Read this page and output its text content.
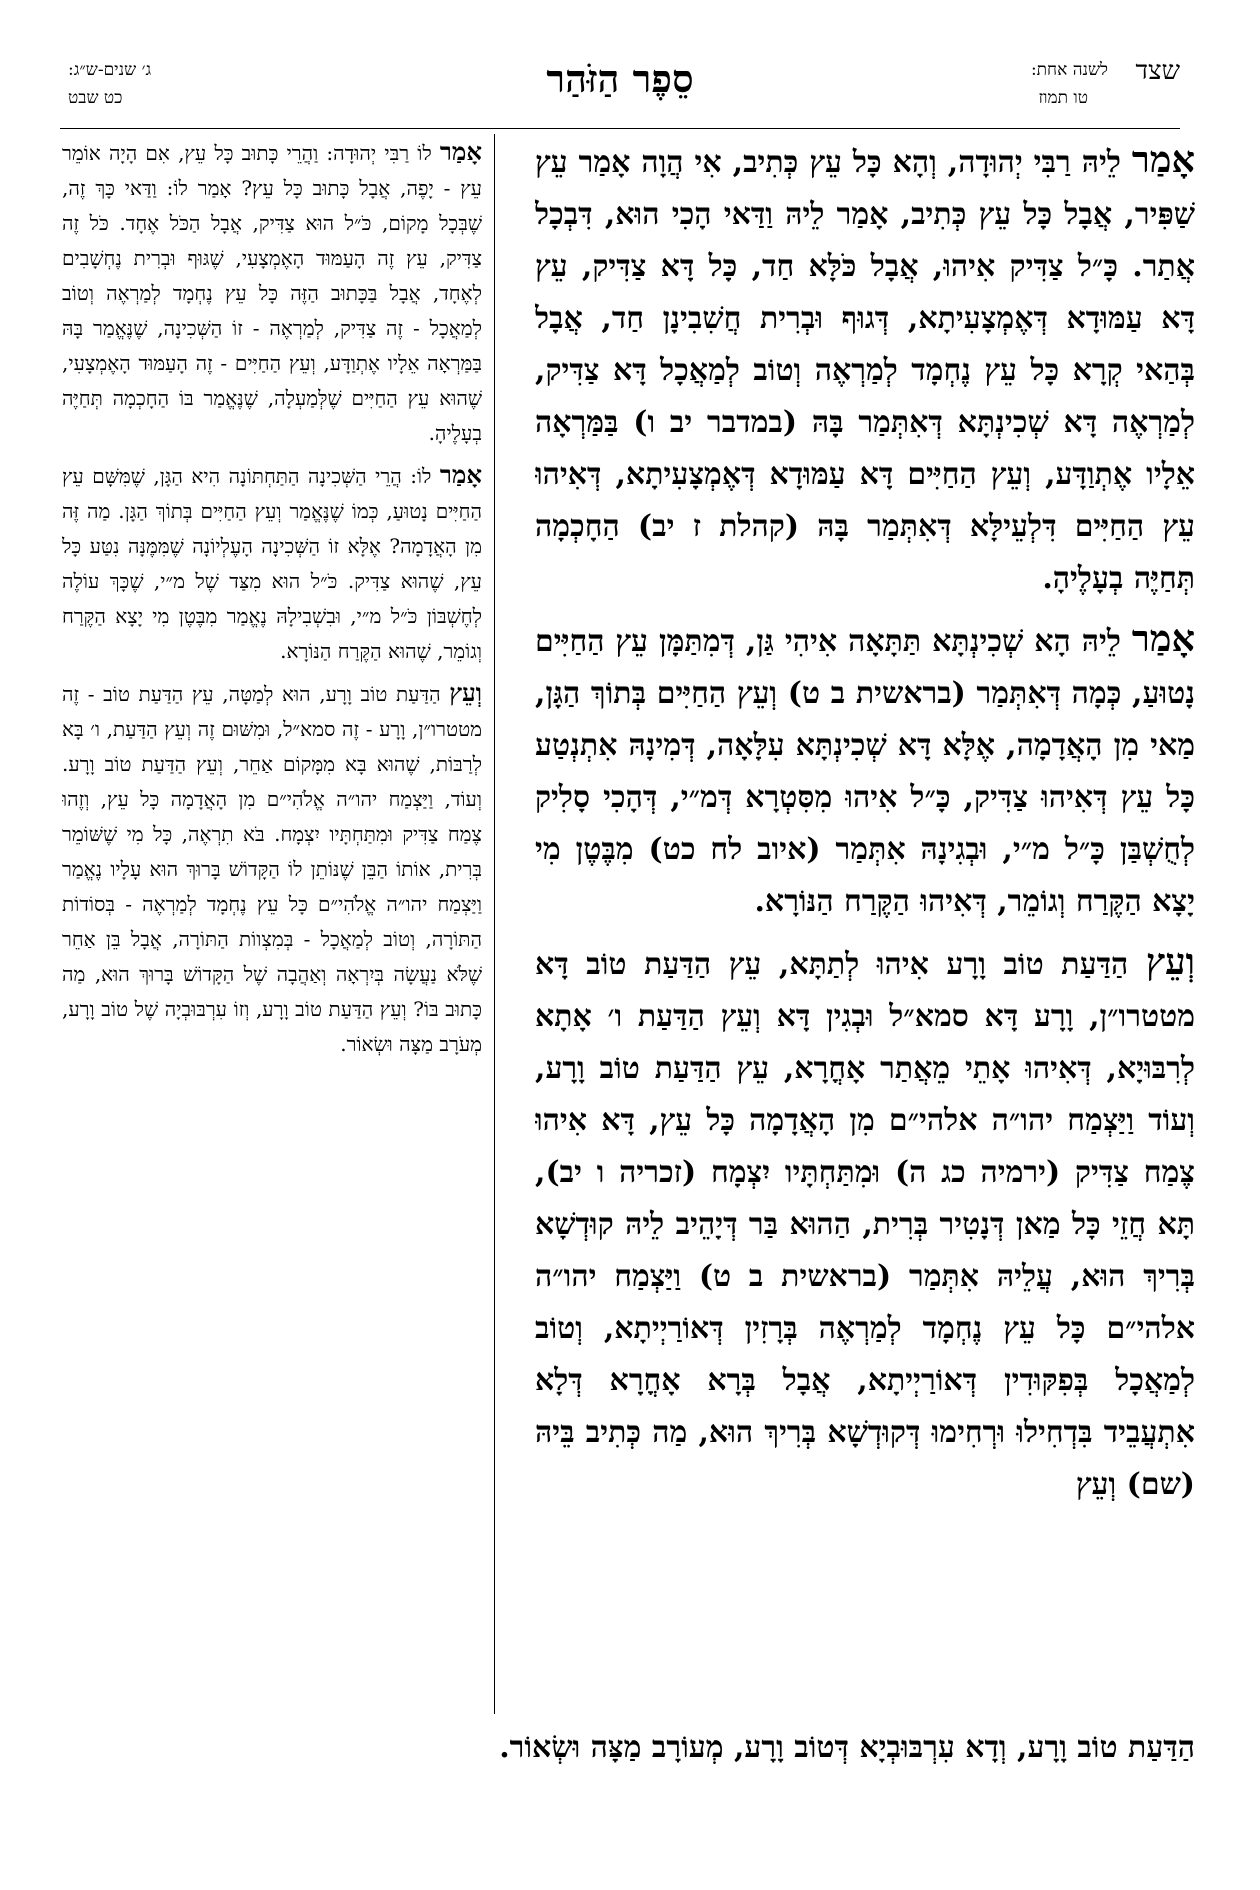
שצד
לשנה אחת:
טו תמוז
סֵפֶר הַזֹּהַר
ג׳ שנים-ש״ג:
כט שבט

אָמַר לֵיהּ רַבִּי יְהוּדָה, וְהָא כָּל עֵץ כְּתִיב, אִי הֲוָה אָמַר עֵץ שַׁפִּיר, אֲבָל כָּל עֵץ כְּתִיב, אָמַר לֵיהּ וַדַּאי הָכִי הוּא, דִּבְכָל אֲתַר. כָּ״ל צַדִּיק אִיהוּ, אֲבָל כֹּלָּא חַד, כָּל דָּא צַדִּיק, עֵץ דָּא עַמּוּדָא דְּאֶמְצָעִיתָא, דְּגוּף וּבְרִית חֲשִׁבִינָן חַד, אֲבָל בְּהַאי קְרָא כָּל עֵץ נֶחְמָד לְמַרְאֶה וְטוֹב לְמַאֲכָל דָּא צַדִּיק, לְמַרְאֶה דָּא שְׁכִינְתָּא דְּאִתְּמַר בָּהּ (במדבר יב ו) בַּמַּרְאָה אֵלָיו אֶתְוַדָּע, וְעֵץ הַחַיִּים דָּא עַמּוּדָא דְּאֶמְצָעִיתָא, דְּאִיהוּ עֵץ הַחַיִּים דִּלְעֵילָּא דְּאִתְּמַר בָּהּ (קהלת ז יב) הַחָכְמָה תְּחַיֶּה בְעָלֶיהָ.

אָמַר לֵיהּ הָא שְׁכִינְתָּא תַּתָּאָה אִיהִי גַּן, דְּמִתַּמָּן עֵץ הַחַיִּים נָטוּעַ, כְּמָה דְּאִתְּמַר (בראשית ב ט) וְעֵץ הַחַיִּים בְּתוֹךְ הַגָּן, מַאי מִן הָאֲדָמָה, אֶלָּא דָּא שְׁכִינְתָּא עִלָּאָה, דְּמִינָהּ אִתְנְטַע כָּל עֵץ דְּאִיהוּ צַדִּיק, כָּ״ל אִיהוּ מִסִּטְרָא דְּמ״י, דְּהָכִי סָלִיק לְחֻשְׁבַּן כָּ״ל מ״י, וּבְגִינָהּ אִתְּמַר (איוב לח כט) מִבֶּטֶן מִי יָצָא הַקֶּרַח וְגוֹמֵר, דְּאִיהוּ הַקֶּרַח הַנּוֹרָא.

וְעֵץ הַדַּעַת טוֹב וָרָע אִיהוּ לְתַתָּא, עֵץ הַדַּעַת טוֹב דָּא מטטרו״ן, וָרָע דָּא סמא״ל וּבְגִין דָּא וְעֵץ הַדַּעַת ו׳ אָתָא לְרִבּוּיָא, דְּאִיהוּ אָתֵי מֵאֲתַר אָחֳרָא, עֵץ הַדַּעַת טוֹב וָרָע, וְעוֹד וַיַּצְמַח יהו״ה אלהי״ם מִן הָאֲדָמָה כָּל עֵץ, דָּא אִיהוּ צֶמַח צַדִּיק (ירמיה כג ה) וּמִתַּחְתָּיו יִצְמָח (זכריה ו יב), תָּא חֲזֵי כָּל מַאן דְּנָטִיר בְּרִית, הַהוּא בַּר דְּיָהֵיב לֵיהּ קוּדְשָׁא בְּרִיךְ הוּא, עֲלֵיהּ אִתְּמַר (בראשית ב ט) וַיַּצְמַח יהו״ה אלהי״ם כָּל עֵץ נֶחְמָד לְמַרְאֶה בְּרָזִין דְּאוֹרַיְיתָא, וְטוֹב לְמַאֲכָל בְּפִקּוּדִין דְּאוֹרַיְיתָא, אֲבָל בְּרָא אָחֳרָא דְּלָא אִתְעֲבֵיד בִּדְחִילוּ וּרְחִימוּ דְּקוּדְשָׁא בְּרִיךְ הוּא, מַה כְּתִיב בֵּיהּ (שם) וְעֵץ

אָמַר לוֹ רַבִּי יְהוּדָה: וַהֲרֵי כָּתוּב כָּל עֵץ, אִם הָיָה אוֹמֵר עֵץ - יָפֶה, אֲבָל כָּתוּב כָּל עֵץ? אָמַר לוֹ: וַדַּאי כָּךְ זֶה, שֶׁבְּכָל מָקוֹם, כֹּ״ל הוּא צַדִּיק, אֲבָל הַכֹּל אֶחָד. כֹּל זֶה צַדִּיק, עֵץ זֶה הָעַמּוּד הָאֶמְצָעִי, שֶׁגּוּף וּבְרִית נֶחְשָׁבִים לְאֶחָד, אֲבָל בַּכָּתוּב הַזֶּה כָּל עֵץ נֶחְמָד לְמַרְאֶה וְטוֹב לְמַאֲכָל - זֶה צַדִּיק, לְמַרְאֶה - זוֹ הַשְּׁכִינָה, שֶׁנֶּאֱמַר בָּהּ בַּמַּרְאָה אֵלָיו אֶתְוַדָּע, וְעֵץ הַחַיִּים - זֶה הָעַמּוּד הָאֶמְצָעִי, שֶׁהוּא עֵץ הַחַיִּים שֶׁלְּמַעְלָה, שֶׁנֶּאֱמַר בּוֹ הַחָכְמָה תְּחַיֶּה בְעָלֶיהָ.

אָמַר לוֹ: הֲרֵי הַשְּׁכִינָה הַתַּחְתּוֹנָה הִיא הַגָּן, שֶׁמִּשָּׁם עֵץ הַחַיִּים נָטוּעַ, כְּמוֹ שֶׁנֶּאֱמַר וְעֵץ הַחַיִּים בְּתוֹךְ הַגָּן. מַה זֶּה מִן הָאֲדָמָה? אֶלָּא זוֹ הַשְּׁכִינָה הָעֶלְיוֹנָה שֶׁמִּמֶּנָּה נִטַּע כָּל עֵץ, שֶׁהוּא צַדִּיק. כֹּ״ל הוּא מִצַּד שֶׁל מ״י, שֶׁכָּךְ עוֹלֶה לְחֶשְׁבּוֹן כֹּ״ל מ״י, וּבִשְׁבִילָהּ נֶאֱמַר מִבֶּטֶן מִי יָצָא הַקֶּרַח וְגוֹמֵר, שֶׁהוּא הַקֶּרַח הַנּוֹרָא.

וְעֵץ הַדַּעַת טוֹב וָרָע, הוּא לְמַטָּה, עֵץ הַדַּעַת טוֹב - זֶה מטטרו״ן, וָרָע - זֶה סמא״ל, וּמִשּׁוּם זֶה וְעֵץ הַדַּעַת, ו׳ בָּא לְרַבּוֹת, שֶׁהוּא בָּא מִמָּקוֹם אַחֵר, וְעֵץ הַדַּעַת טוֹב וָרָע. וְעוֹד, וַיַּצְמַח יהו״ה אֱלֹהִי״ם מִן הָאֲדָמָה כָּל עֵץ, וְזֶהוּ צֶמַח צַדִּיק וּמִתַּחְתָּיו יִצְמָח. בֹּא תִרְאֶה, כָּל מִי שֶׁשּׁוֹמֵר בְּרִית, אוֹתוֹ הַבֵּן שֶׁנּוֹתֵן לוֹ הַקָּדוֹשׁ בָּרוּךְ הוּא עָלָיו נֶאֱמַר וַיַּצְמַח יהו״ה אֱלֹהִי״ם כָּל עֵץ נֶחְמָד לְמַרְאֶה - בְּסוֹדוֹת הַתּוֹרָה, וְטוֹב לְמַאֲכָל - בְּמִצְווֹת הַתּוֹרָה, אֲבָל בֵּן אַחֵר שֶׁלֹּא נַעֲשָׂה בְּיִרְאָה וְאַהֲבָה שֶׁל הַקָּדוֹשׁ בָּרוּךְ הוּא, מַה כָּתוּב בּוֹ? וְעֵץ הַדַּעַת טוֹב וָרָע, וְזוֹ עִרְבּוּבְיָה שֶׁל טוֹב וָרָע, מְעֹרָב מַצָּה וּשְׂאוֹר.

הַדַּעַת טוֹב וָרָע, וְדָא עִרְבּוּבְיָא דְּטוֹב וָרָע, מְעוֹרָב מַצָּה וּשְׂאוֹר.
